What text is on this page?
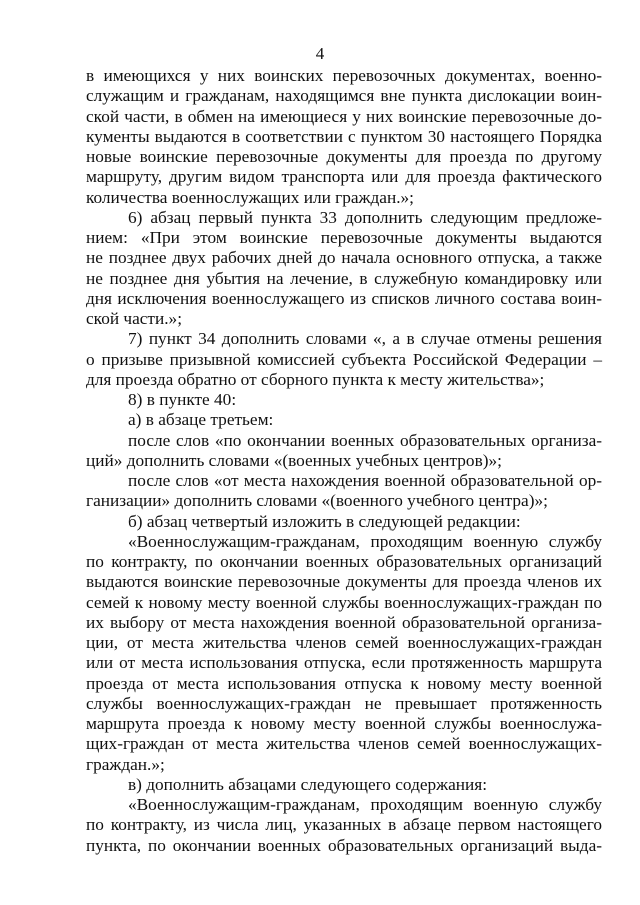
4

в имеющихся у них воинских перевозочных документах, военно-

служащим и гражданам, находящимся вне пункта дислокации воин-

ской части, в обмен на имеющиеся у них воинские перевозочные до-

кументы выдаются в соответствии с пунктом 30 настоящего Порядка

новые воинские перевозочные документы для проезда по другому

маршруту, другим видом транспорта или для проезда фактического

количества военнослужащих или граждан.»;

6) абзац первый пункта 33 дополнить следующим предложе-

нием: «При этом воинские перевозочные документы выдаются

не позднее двух рабочих дней до начала основного отпуска, а также

не позднее дня убытия на лечение, в служебную командировку или

дня исключения военнослужащего из списков личного состава воин-

ской части.»;

7) пункт 34 дополнить словами «, а в случае отмены решения

о призыве призывной комиссией субъекта Российской Федерации –

для проезда обратно от сборного пункта к месту жительства»;

8) в пункте 40:

а) в абзаце третьем:

после слов «по окончании военных образовательных организа-

ций» дополнить словами «(военных учебных центров)»;

после слов «от места нахождения военной образовательной ор-

ганизации» дополнить словами «(военного учебного центра)»;

б) абзац четвертый изложить в следующей редакции:

«Военнослужащим-гражданам, проходящим военную службу

по контракту, по окончании военных образовательных организаций

выдаются воинские перевозочные документы для проезда членов их

семей к новому месту военной службы военнослужащих-граждан по

их выбору от места нахождения военной образовательной организа-

ции, от места жительства членов семей военнослужащих-граждан

или от места использования отпуска, если протяженность маршрута

проезда от места использования отпуска к новому месту военной

службы военнослужащих-граждан не превышает протяженность

маршрута проезда к новому месту военной службы военнослужа-

щих-граждан от места жительства членов семей военнослужащих-

граждан.»;

в) дополнить абзацами следующего содержания:

«Военнослужащим-гражданам, проходящим военную службу

по контракту, из числа лиц, указанных в абзаце первом настоящего

пункта, по окончании военных образовательных организаций выда-
